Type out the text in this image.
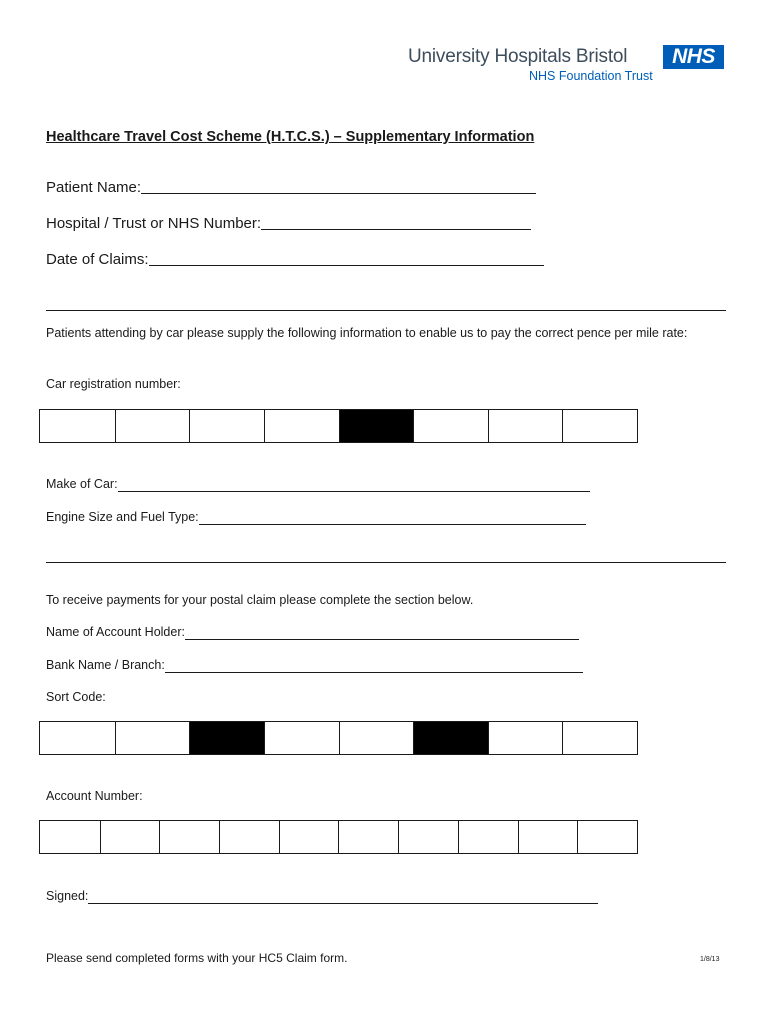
University Hospitals Bristol
NHS Foundation Trust
NHS
Healthcare Travel Cost Scheme (H.T.C.S.) – Supplementary Information
Patient Name:
Hospital / Trust or NHS Number:
Date of Claims:
Patients attending by car please supply the following information to enable us to pay the correct pence per mile rate:
Car registration number:
Make of Car:
Engine Size and Fuel Type:
To receive payments for your postal claim please complete the section below.
Name of Account Holder:
Bank Name / Branch:
Sort Code:
Account Number:
Signed:
Please send completed forms with your HC5 Claim form.	1/8/13
